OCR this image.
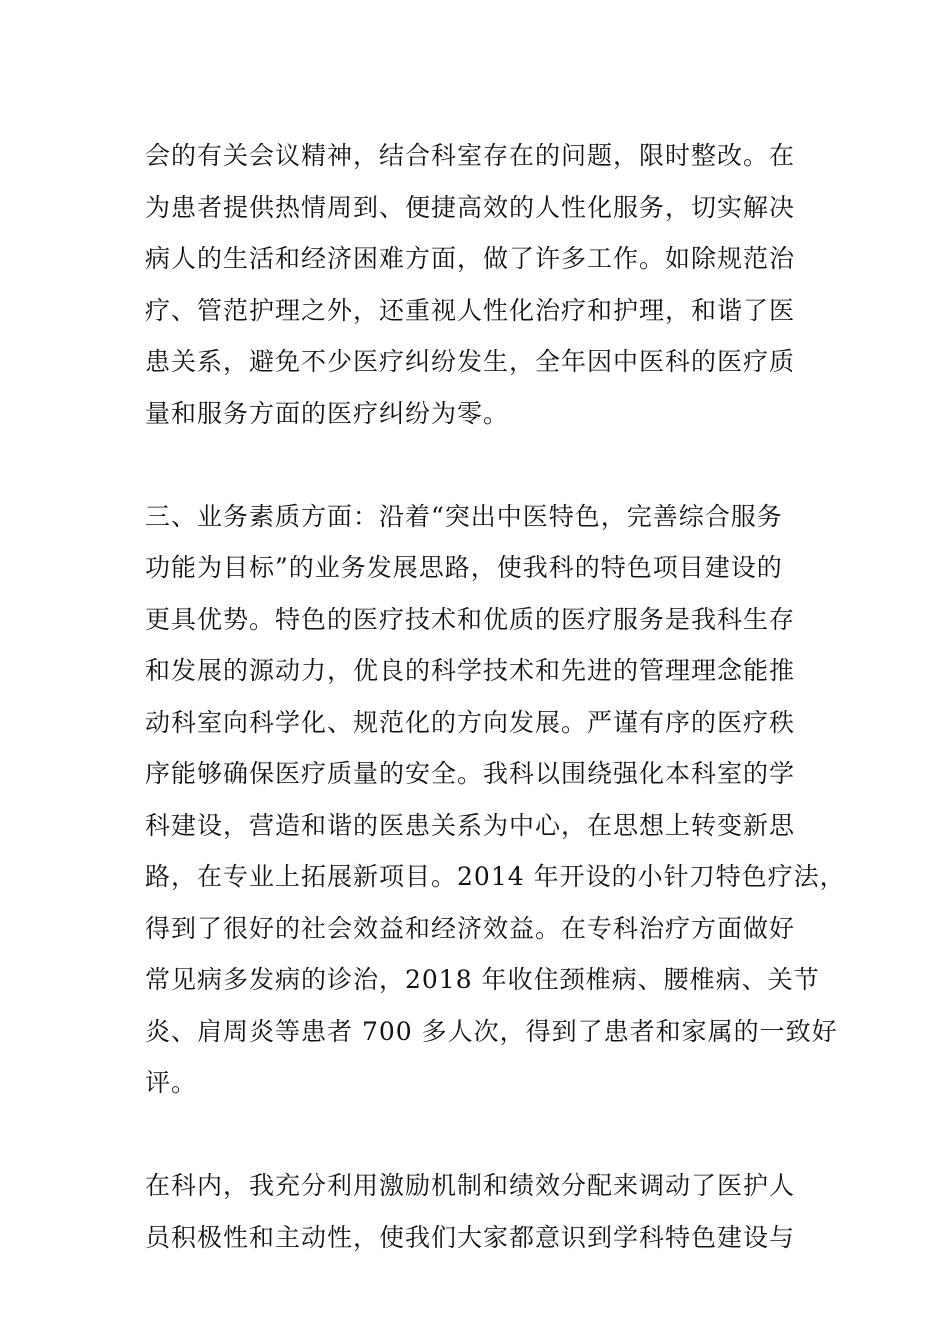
会的有关会议精神，结合科室存在的问题，限时整改。在
为患者提供热情周到、便捷高效的人性化服务，切实解决
病人的生活和经济困难方面，做了许多工作。如除规范治
疗、管范护理之外，还重视人性化治疗和护理，和谐了医
患关系，避免不少医疗纠纷发生，全年因中医科的医疗质
量和服务方面的医疗纠纷为零。
三、业务素质方面：沿着“突出中医特色，完善综合服务
功能为目标”的业务发展思路，使我科的特色项目建设的
更具优势。特色的医疗技术和优质的医疗服务是我科生存
和发展的源动力，优良的科学技术和先进的管理理念能推
动科室向科学化、规范化的方向发展。严谨有序的医疗秩
序能够确保医疗质量的安全。我科以围绕强化本科室的学
科建设，营造和谐的医患关系为中心，在思想上转变新思
路，在专业上拓展新项目。2014 年开设的小针刀特色疗法，
得到了很好的社会效益和经济效益。在专科治疗方面做好
常见病多发病的诊治，2018 年收住颈椎病、腰椎病、关节
炎、肩周炎等患者 700 多人次，得到了患者和家属的一致好
评。
在科内，我充分利用激励机制和绩效分配来调动了医护人
员积极性和主动性，使我们大家都意识到学科特色建设与
